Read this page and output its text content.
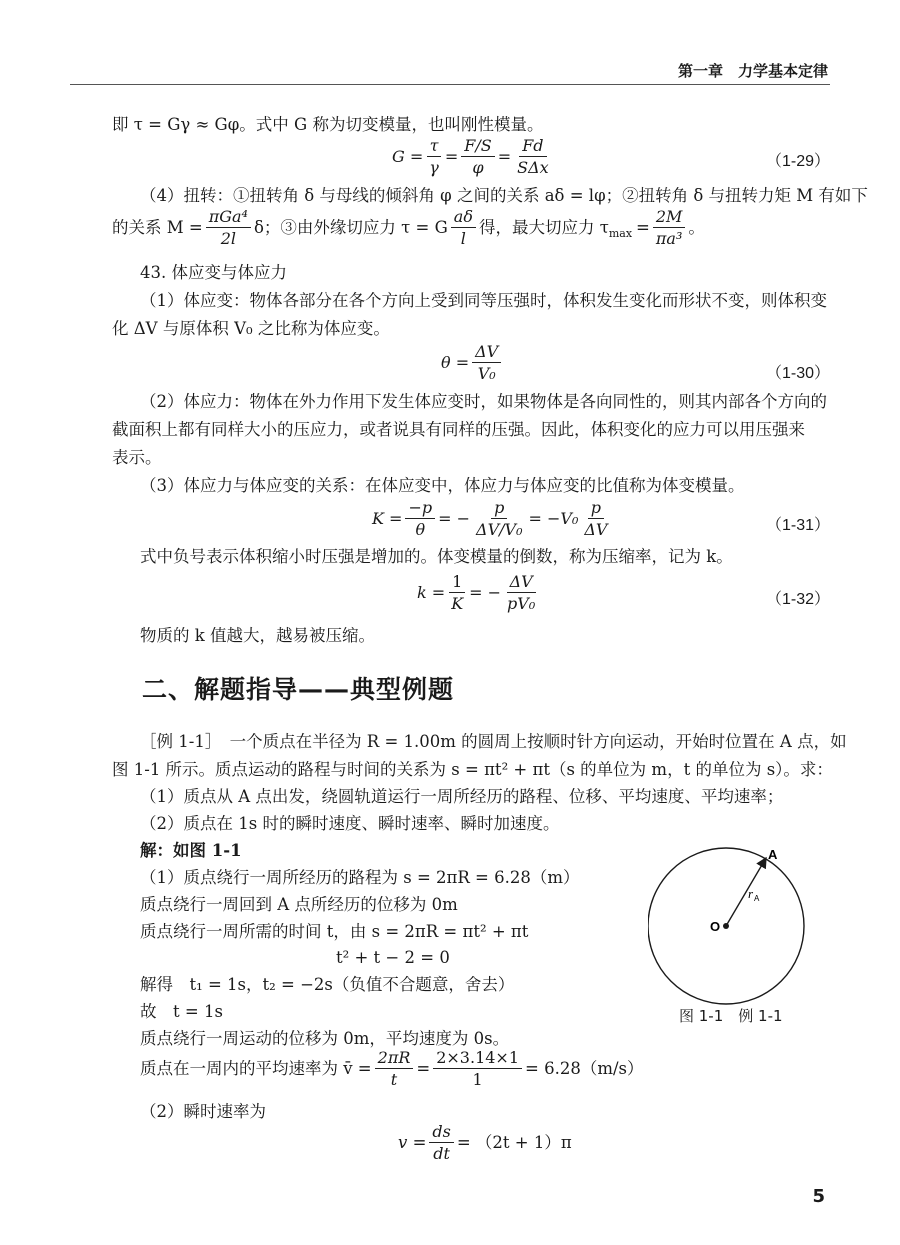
第一章　力学基本定律
即 τ = Gγ ≈ Gφ。式中 G 称为切变模量，也叫刚性模量。
$G = \frac{\tau}{\gamma} = \frac{F/S}{\varphi} = \frac{Fd}{\text{SΔx}}$	（1-29）
（4）扭转：①扭转角 δ 与母线的倾斜角 φ 之间的关系 aδ = lφ；②扭转角 δ 与扭转力矩 M 有如下
的关系 $M = \frac{\text{πGa⁴}}{2l}$ δ；③由外缘切应力 τ = G $\frac{a\delta}{l}$ 得，最大切应力 τ $\max = \frac{2M}{\text{πa³}}$ 。
43. 体应变与体应力
（1）体应变：物体各部分在各个方向上受到同等压强时，体积发生变化而形状不变，则体积变
化 ΔV 与原体积 V₀ 之比称为体应变。
$\theta = \frac{\Delta V}{\text{V₀}}$	（1-30）
（2）体应力：物体在外力作用下发生体应变时，如果物体是各向同性的，则其内部各个方向的
截面积上都有同样大小的压应力，或者说具有同样的压强。因此，体积变化的应力可以用压强来
表示。
（3）体应力与体应变的关系：在体应变中，体应力与体应变的比值称为体变模量。
$K = \frac{-p}{\theta}$ = − $\frac{p}{\text{ΔV/V₀}} = -V_0 \frac{p}{\Delta V}$	（1-31）
式中负号表示体积缩小时压强是增加的。体变模量的倒数，称为压缩率，记为 k。
$k = \frac{1}{K}$ = − $\frac{\Delta V}{\text{pV₀}}$	（1-32）
物质的 k 值越大，越易被压缩。
二、解题指导——典型例题
［例 1-1］　一个质点在半径为 R = 1.00m 的圆周上按顺时针方向运动，开始时位置在 A 点，如
图 1-1 所示。质点运动的路程与时间的关系为 s = πt² + πt（s 的单位为 m，t 的单位为 s）。求：
（1）质点从 A 点出发，绕圆轨道运行一周所经历的路程、位移、平均速度、平均速率；
（2）质点在 1s 时的瞬时速度、瞬时速率、瞬时加速度。
解：如图 1-1
（1）质点绕行一周所经历的路程为 s = 2πR = 6.28（m）
质点绕行一周回到 A 点所经历的位移为 0m
质点绕行一周所需的时间 t，由 s = 2πR = πt² + πt
t² + t − 2 = 0
解得　t₁ = 1s，t₂ = −2s（负值不合题意，舍去）
故　t = 1s
质点绕行一周运动的位移为 0m，平均速度为 0s。
质点在一周内的平均速率为 v̄ = $\frac{2\pi R}{t} = \frac{2\times 3.14\times 1}{1} = 6.28(m/s)$
（2）瞬时速率为
$v = \frac{ds}{dt} = (2t + 1)\pi$
A
O
r A
图 1-1　例 1-1
5
